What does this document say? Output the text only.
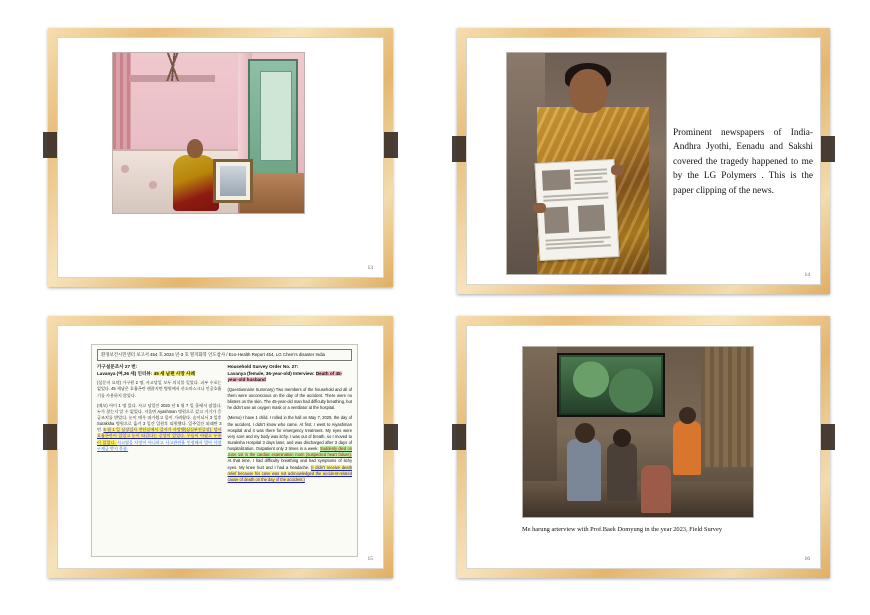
13
Prominent newspapers of India- Andhra Jyothi, Eenadu and Sakshi covered the tragedy happened to me by the LG Polymers . This is the paper clipping of the news.
14
환경보건시민센터 보고서 454 호 2024 년-3 호 열지화학 인도참사 / Eco-Health Report 454, LG Chem's disaster India
가구설문조사 27 번:
Lavanya (여,36 세) 인터뷰: 45 세 남편 사망 사례
(설문지 요약) 가구원 2 명, 사고당일 모두 의식불 일었다. 피부 수포는 없었다. 45 세남은 호흡곤란 괜찮지만 병원에서 산소마스크나 인공호흡기를 사용하지 않았다.
(메모) 아이 1 명 있다. 사고 당일인 2020 년 5 월 7 일 홀에서 잤었다. 누가 찾는지 알 수 없었다. 저울면 Ayashman 병원으로 갔고 거기가 응급조치를 받았다. 눈이 매우 따가웠고 몸이 가려웠다. 숨이뇌서 3 일후 Suraksha 병원으로 옮겨 3 일간 입원후 퇴원했다. 일주일간 외래만 3 번. 6 월 1 일 심장검사 전단실에서 갑자기 사망했(심실부전증상). 당시 호흡곤란이 있었고 눈이 따갑다는 증상이 있었다. 무릎이 아팠고 두통이 있었다. 사고였을 사망이 아니라고 사고관련율 인정해서 발아 사망구제금 받지 못함.
Household Survey Order No. 27:
Lavanya (female, 36-year-old) Interview: Death of 45-year-old husband
(Questionnaire Summary) Two members of the household and all of them were unconscious on the day of the accident. There were no blisters on the skin. The 45-year-old man had difficulty breathing, but he didn't use an oxygen mask or a ventilator at the hospital.
(Memo) I have 1 child. I rolled in the hall on May 7, 2020, the day of the accident. I didn't know who came. At first, I went to Aiyashman Hospital and it was there for emergency treatment. My eyes were very sore and my body was itchy. I was out of breath, so I moved to Suraksha Hospital 3 days later, and was discharged after 3 days of hospitalization. Outpatient only 3 times in a week. Suddenly died on June 1st in the cardiac examination room (suspected heart failure). At that time, I had difficulty breathing and had symptoms of itchy eyes. My knee hurt and I had a headache. (I didn't receive death relief because his case was not acknowledged the accident-related cause of death on the day of the accident.)
15
Me harung arterview with Prof.Baek Domyung in the year 2023, Field Survey
16
